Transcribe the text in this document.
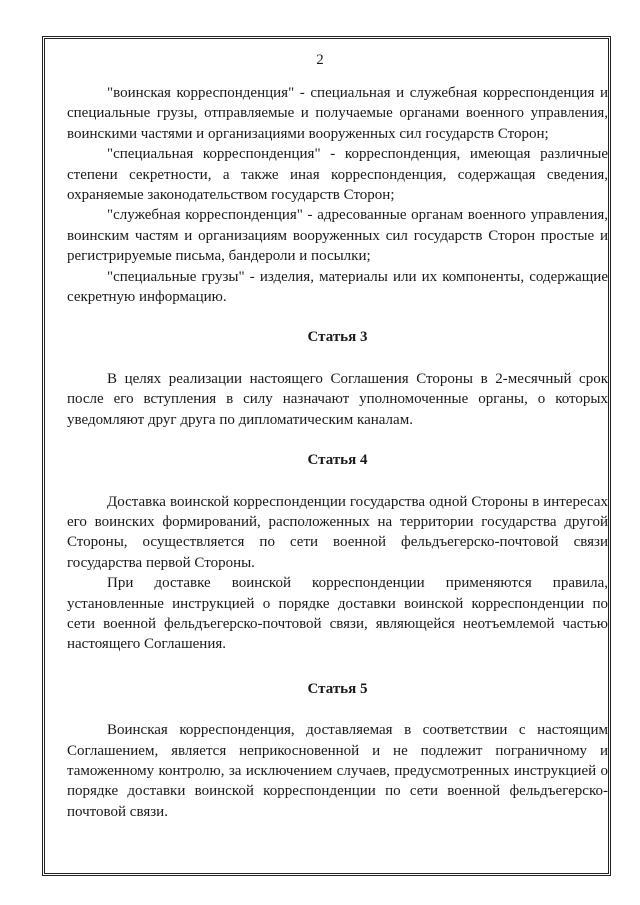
2

"воинская корреспонденция" - специальная и служебная корреспонденция и специальные грузы, отправляемые и получаемые органами военного управления, воинскими частями и организациями вооруженных сил государств Сторон;

"специальная корреспонденция" - корреспонденция, имеющая различные степени секретности, а также иная корреспонденция, содержащая сведения, охраняемые законодательством государств Сторон;

"служебная корреспонденция" - адресованные органам военного управления, воинским частям и организациям вооруженных сил государств Сторон простые и регистрируемые письма, бандероли и посылки;

"специальные грузы" - изделия, материалы или их компоненты, содержащие секретную информацию.

Статья 3

В целях реализации настоящего Соглашения Стороны в 2-месячный срок после его вступления в силу назначают уполномоченные органы, о которых уведомляют друг друга по дипломатическим каналам.

Статья 4

Доставка воинской корреспонденции государства одной Стороны в интересах его воинских формирований, расположенных на территории государства другой Стороны, осуществляется по сети военной фельдъегерско-почтовой связи государства первой Стороны.

При доставке воинской корреспонденции применяются правила, установленные инструкцией о порядке доставки воинской корреспонденции по сети военной фельдъегерско-почтовой связи, являющейся неотъемлемой частью настоящего Соглашения.

Статья 5

Воинская корреспонденция, доставляемая в соответствии с настоящим Соглашением, является неприкосновенной и не подлежит пограничному и таможенному контролю, за исключением случаев, предусмотренных инструкцией о порядке доставки воинской корреспонденции по сети военной фельдъегерско-почтовой связи.
